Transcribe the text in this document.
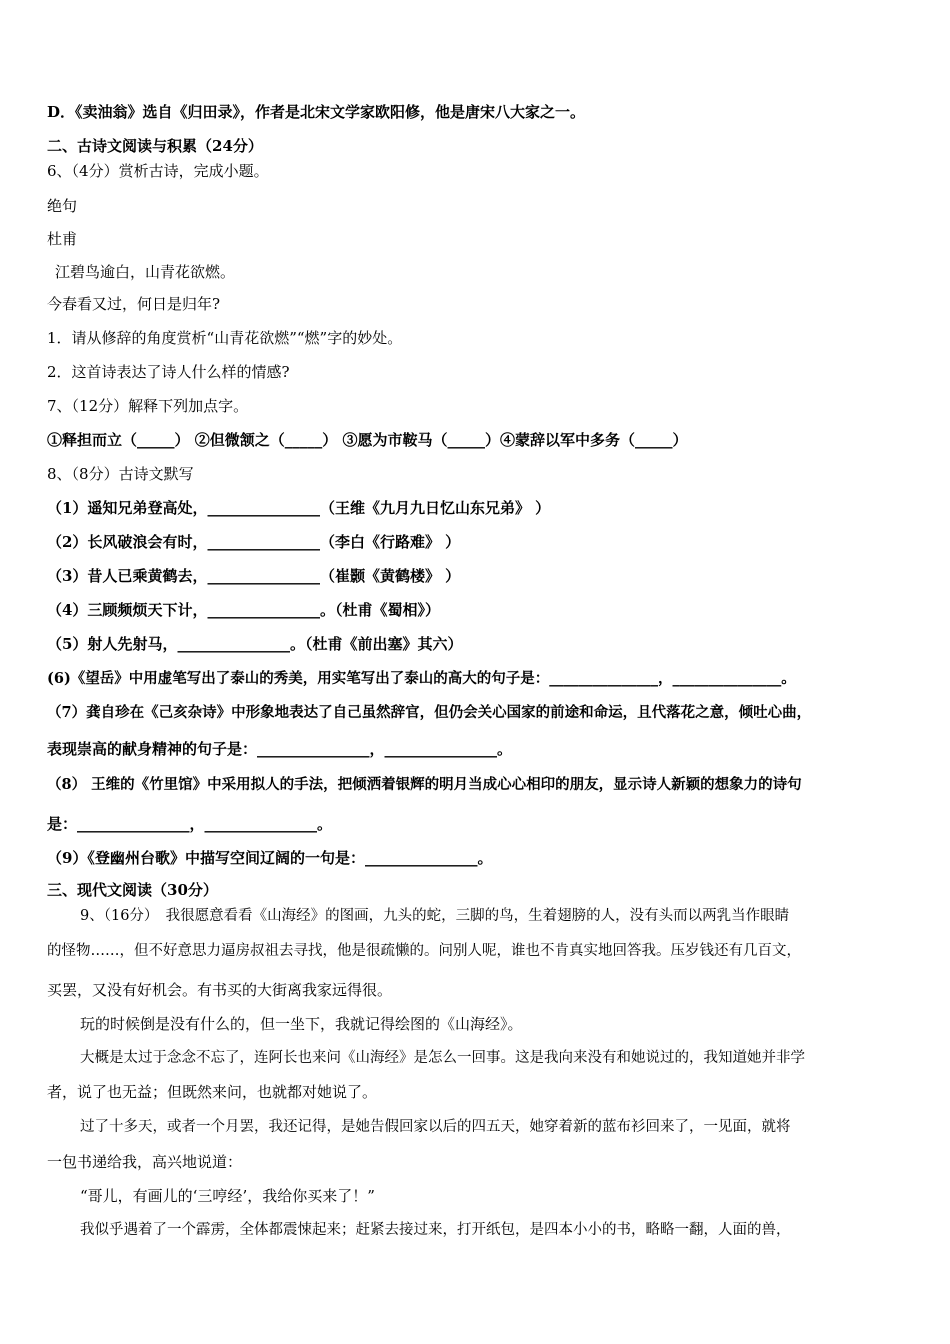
D．《卖油翁》选自《归田录》，作者是北宋文学家欧阳修，他是唐宋八大家之一。
二、古诗文阅读与积累（24分）
6、（4分）赏析古诗，完成小题。
绝句
杜甫
江碧鸟逾白，山青花欲燃。
今春看又过，何日是归年?
1．请从修辞的角度赏析“山青花欲燃”“燃”字的妙处。
2．这首诗表达了诗人什么样的情感?
7、（12分）解释下列加点字。
①释担而立（_____） ②但微颔之（_____） ③愿为市鞍马（_____）④蒙辞以军中多务（_____）
8、（8分）古诗文默写
（1）遥知兄弟登高处，_______________（王维《九月九日忆山东兄弟》 ）
（2）长风破浪会有时，_______________（李白《行路难》 ）
（3）昔人已乘黄鹤去，_______________（崔颢《黄鹤楼》 ）
（4）三顾频烦天下计，_______________。（杜甫《蜀相》）
（5）射人先射马，_______________。（杜甫《前出塞》其六）
(6)《望岳》中用虚笔写出了泰山的秀美，用实笔写出了泰山的高大的句子是：_______________，_______________。
（7）龚自珍在《己亥杂诗》中形象地表达了自己虽然辞官，但仍会关心国家的前途和命运，且代落花之意，倾吐心曲，
表现崇高的献身精神的句子是：_______________，_______________。
（8） 王维的《竹里馆》中采用拟人的手法，把倾洒着银辉的明月当成心心相印的朋友，显示诗人新颖的想象力的诗句
是：_______________，_______________。
（9）《登幽州台歌》中描写空间辽阔的一句是：_______________。
三、现代文阅读（30分）
9、（16分）　我很愿意看看《山海经》的图画，九头的蛇，三脚的鸟，生着翅膀的人，没有头而以两乳当作眼睛
的怪物……，但不好意思力逼房叔祖去寻找，他是很疏懒的。问别人呢，谁也不肯真实地回答我。压岁钱还有几百文，
买罢，又没有好机会。有书买的大街离我家远得很。
玩的时候倒是没有什么的，但一坐下，我就记得绘图的《山海经》。
大概是太过于念念不忘了，连阿长也来问《山海经》是怎么一回事。这是我向来没有和她说过的，我知道她并非学
者，说了也无益；但既然来问，也就都对她说了。
过了十多天，或者一个月罢，我还记得，是她告假回家以后的四五天，她穿着新的蓝布衫回来了，一见面，就将
一包书递给我，高兴地说道：
“哥儿，有画儿的‘三哼经’，我给你买来了！”
我似乎遇着了一个霹雳，全体都震悚起来；赶紧去接过来，打开纸包，是四本小小的书，略略一翻，人面的兽，
